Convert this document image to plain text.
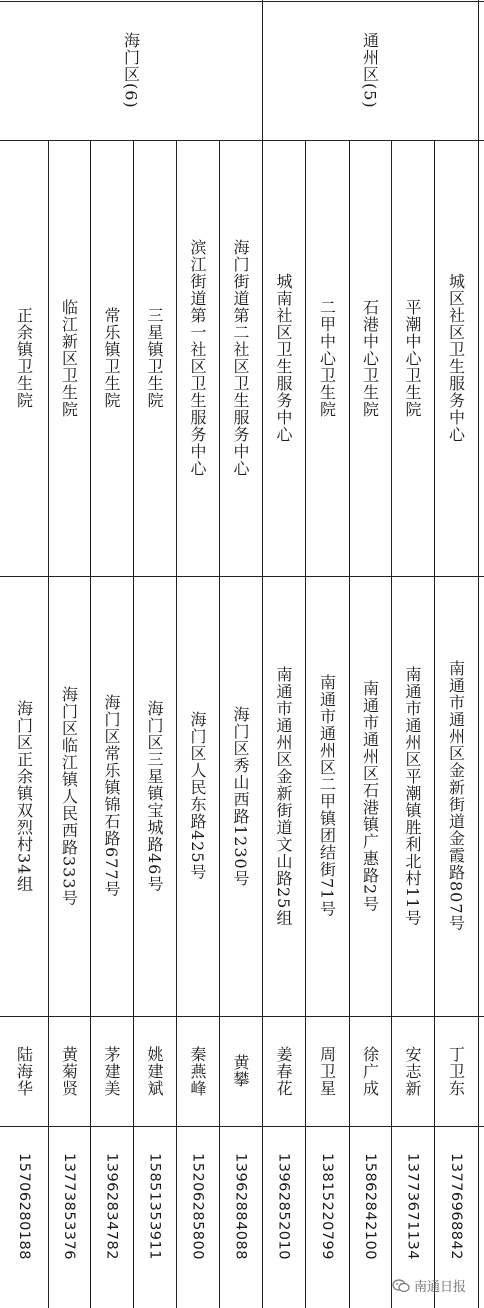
通州区(5)
海门区(6)
城区社区卫生服务中心
南通市通州区金新街道金霞路807号
丁卫东
13776968842
平潮中心卫生院
南通市通州区平潮镇胜利北村11号
安志新
13773671134
石港中心卫生院
南通市通州区石港镇广惠路2号
徐广成
15862842100
二甲中心卫生院
南通市通州区二甲镇团结街71号
周卫星
13815220799
城南社区卫生服务中心
南通市通州区金新街道文山路25组
姜春花
13962852010
海门街道第二社区卫生服务中心
海门区秀山西路1230号
黄攀
13962884088
滨江街道第一社区卫生服务中心
海门区人民东路425号
秦燕峰
15206285800
三星镇卫生院
海门区三星镇宝城路46号
姚建斌
15851353911
常乐镇卫生院
海门区常乐镇锦石路677号
茅建美
13962834782
临江新区卫生院
海门区临江镇人民西路333号
黄菊贤
13773853376
正余镇卫生院
海门区正余镇双烈村34组
陆海华
15706280188
南通日报
